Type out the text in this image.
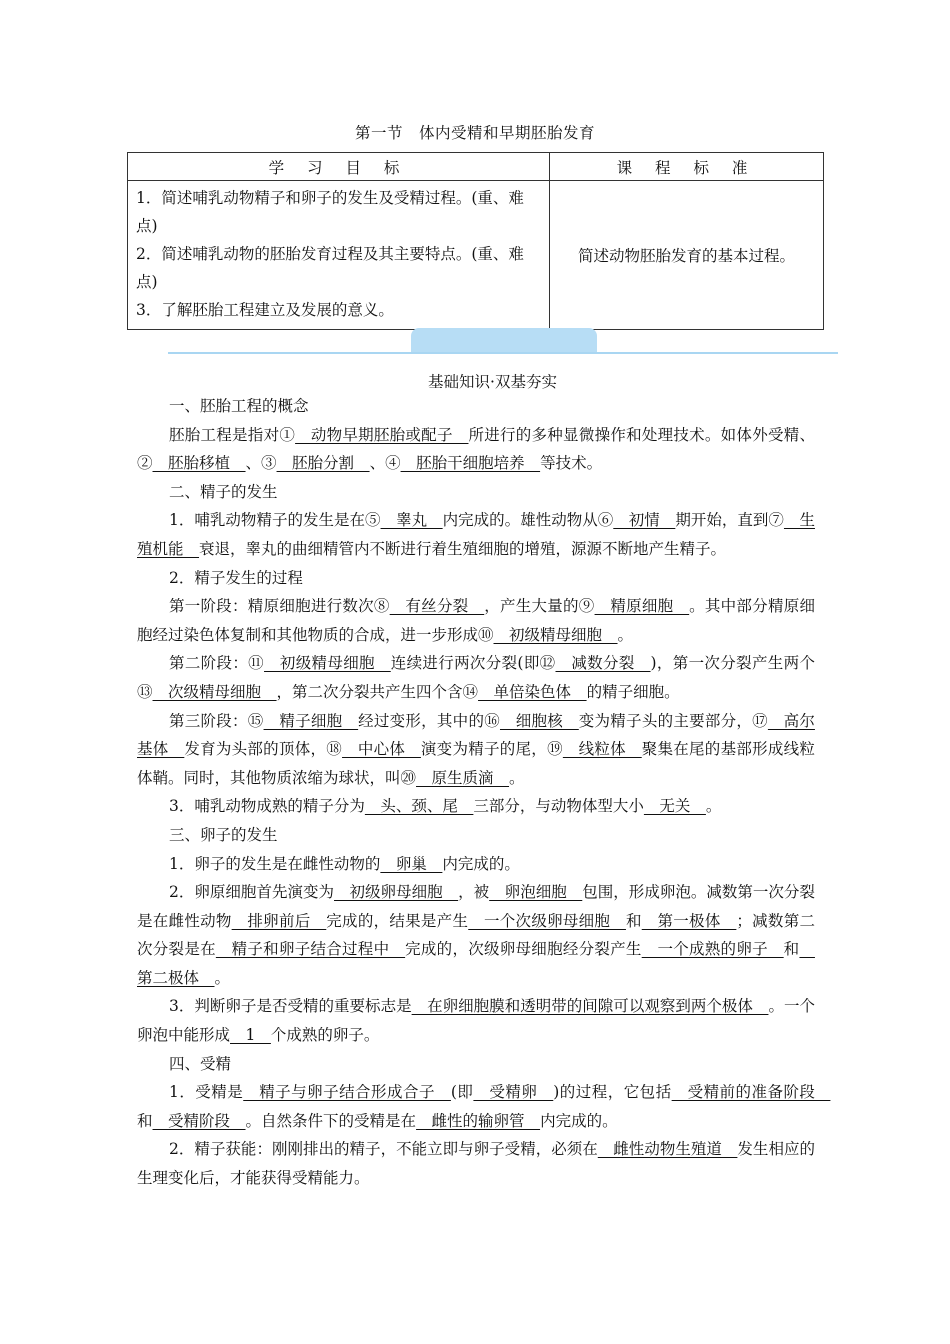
第一节　体内受精和早期胚胎发育
学 习 目 标	课 程 标 准

1．简述哺乳动物精子和卵子的发生及受精过程。(重、难点)
2．简述哺乳动物的胚胎发育过程及其主要特点。(重、难点)
3．了解胚胎工程建立及发展的意义。	简述动物胚胎发育的基本过程。
基础知识·双基夯实

一、胚胎工程的概念

胚胎工程是指对①　动物早期胚胎或配子　所进行的多种显微操作和处理技术。如体外受精、②　胚胎移植　、③　胚胎分割　、④　胚胎干细胞培养　等技术。

二、精子的发生

1．哺乳动物精子的发生是在⑤　睾丸　内完成的。雄性动物从⑥　初情　期开始，直到⑦　生殖机能　衰退，睾丸的曲细精管内不断进行着生殖细胞的增殖，源源不断地产生精子。

2．精子发生的过程

第一阶段：精原细胞进行数次⑧　有丝分裂　，产生大量的⑨　精原细胞　。其中部分精原细胞经过染色体复制和其他物质的合成，进一步形成⑩　初级精母细胞　。

第二阶段：⑪　初级精母细胞　连续进行两次分裂(即⑫　减数分裂　)，第一次分裂产生两个⑬　次级精母细胞　，第二次分裂共产生四个含⑭　单倍染色体　的精子细胞。

第三阶段：⑮　精子细胞　经过变形，其中的⑯　细胞核　变为精子头的主要部分，⑰　高尔基体　发育为头部的顶体，⑱　中心体　演变为精子的尾，⑲　线粒体　聚集在尾的基部形成线粒体鞘。同时，其他物质浓缩为球状，叫⑳　原生质滴　。

3．哺乳动物成熟的精子分为　头、颈、尾　三部分，与动物体型大小　无关　。

三、卵子的发生

1．卵子的发生是在雌性动物的　卵巢　内完成的。

2．卵原细胞首先演变为　初级卵母细胞　，被　卵泡细胞　包围，形成卵泡。减数第一次分裂是在雌性动物　排卵前后　完成的，结果是产生　一个次级卵母细胞　和　第一极体　；减数第二次分裂是在　精子和卵子结合过程中　完成的，次级卵母细胞经分裂产生　一个成熟的卵子　和　第二极体　。

3．判断卵子是否受精的重要标志是　在卵细胞膜和透明带的间隙可以观察到两个极体　。一个卵泡中能形成　1　个成熟的卵子。

四、受精

1．受精是　精子与卵子结合形成合子　(即　受精卵　)的过程，它包括　受精前的准备阶段　和　受精阶段　。自然条件下的受精是在　雌性的输卵管　内完成的。

2．精子获能：刚刚排出的精子，不能立即与卵子受精，必须在　雌性动物生殖道　发生相应的生理变化后，才能获得受精能力。
